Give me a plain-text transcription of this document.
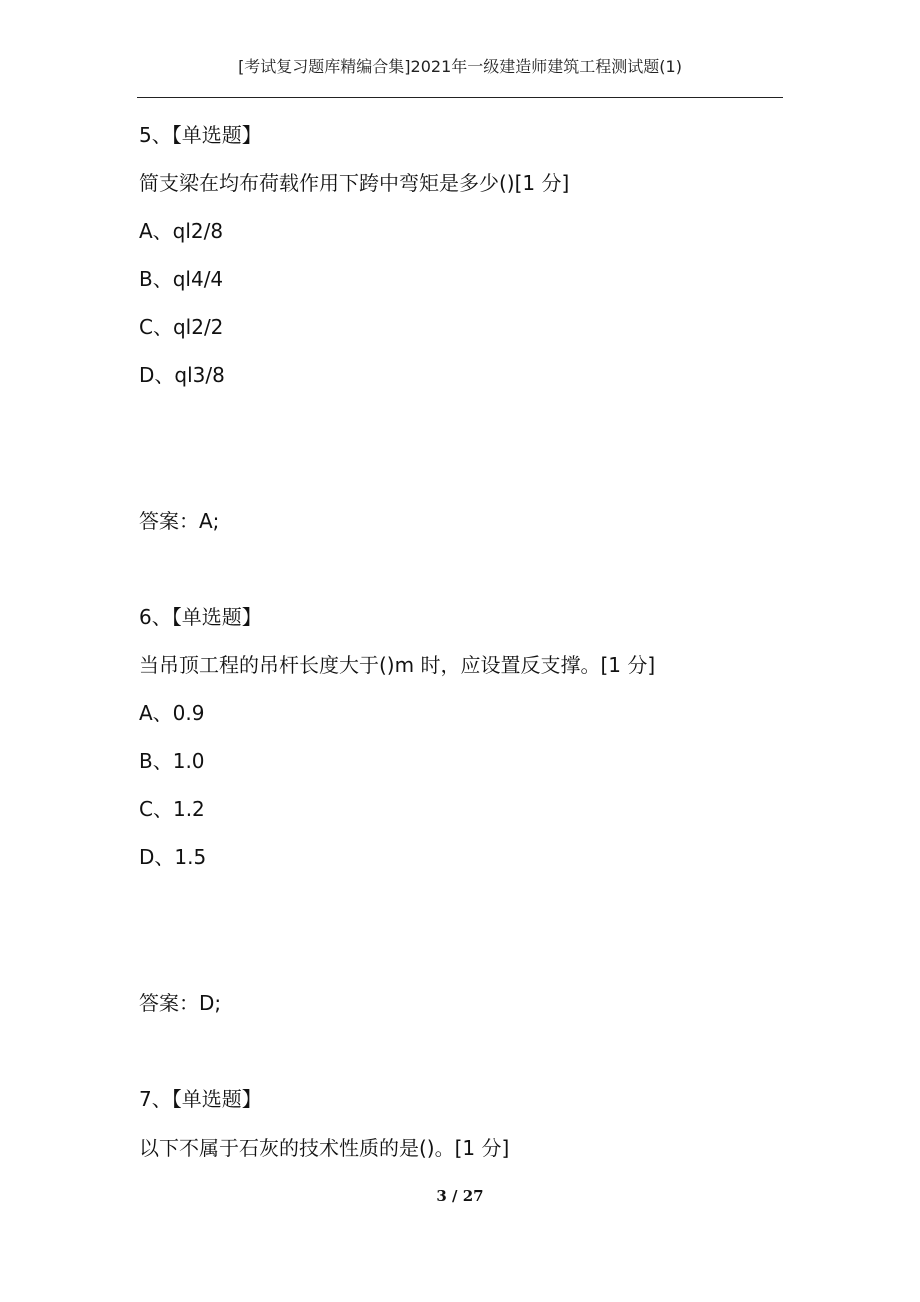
[考试复习题库精编合集]2021年一级建造师建筑工程测试题(1)
5、【单选题】
简支梁在均布荷载作用下跨中弯矩是多少()[1 分]
A、ql2/8
B、ql4/4
C、ql2/2
D、ql3/8
答案：A;
6、【单选题】
当吊顶工程的吊杆长度大于()m 时，应设置反支撑。[1 分]
A、0.9
B、1.0
C、1.2
D、1.5
答案：D;
7、【单选题】
以下不属于石灰的技术性质的是()。[1 分]
3 / 27
